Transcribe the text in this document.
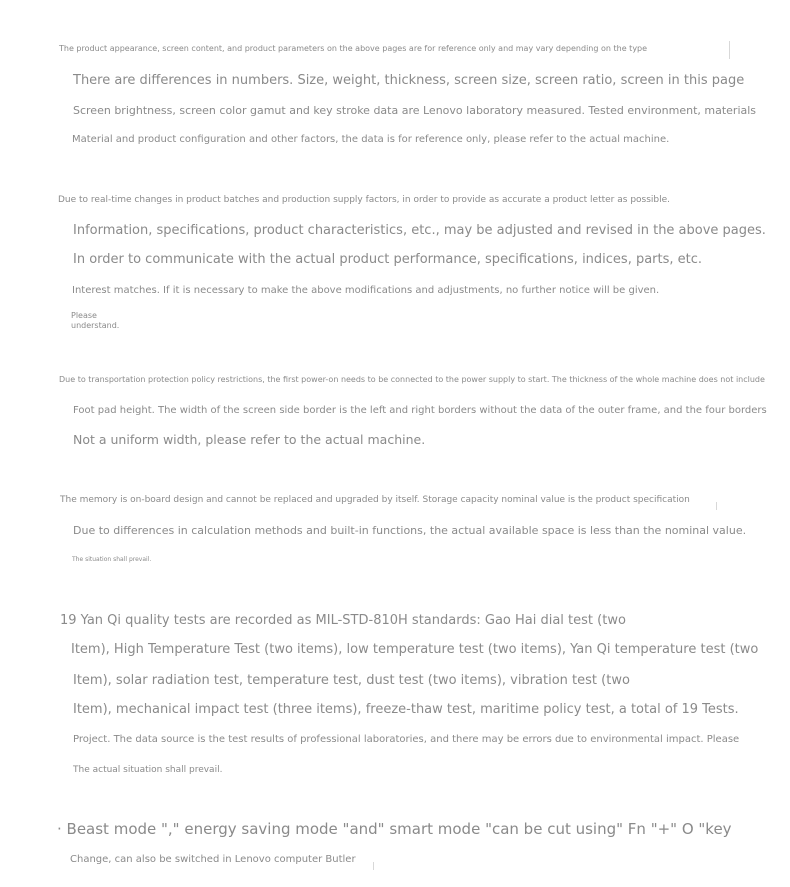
The product appearance, screen content, and product parameters on the above pages are for reference only and may vary depending on the type
There are differences in numbers. Size, weight, thickness, screen size, screen ratio, screen in this page
Screen brightness, screen color gamut and key stroke data are Lenovo laboratory measured. Tested environment, materials
Material and product configuration and other factors, the data is for reference only, please refer to the actual machine.
Due to real-time changes in product batches and production supply factors, in order to provide as accurate a product letter as possible.
Information, specifications, product characteristics, etc., may be adjusted and revised in the above pages.
In order to communicate with the actual product performance, specifications, indices, parts, etc.
Interest matches. If it is necessary to make the above modifications and adjustments, no further notice will be given.
Please
understand.
Due to transportation protection policy restrictions, the first power-on needs to be connected to the power supply to start. The thickness of the whole machine does not include
Foot pad height. The width of the screen side border is the left and right borders without the data of the outer frame, and the four borders
Not a uniform width, please refer to the actual machine.
The memory is on-board design and cannot be replaced and upgraded by itself. Storage capacity nominal value is the product specification
Due to differences in calculation methods and built-in functions, the actual available space is less than the nominal value.
The situation shall prevail.
19 Yan Qi quality tests are recorded as MIL-STD-810H standards: Gao Hai dial test (two
Item), High Temperature Test (two items), low temperature test (two items), Yan Qi temperature test (two
Item), solar radiation test, temperature test, dust test (two items), vibration test (two
Item), mechanical impact test (three items), freeze-thaw test, maritime policy test, a total of 19 Tests.
Project. The data source is the test results of professional laboratories, and there may be errors due to environmental impact. Please
The actual situation shall prevail.
· Beast mode "," energy saving mode "and" smart mode "can be cut using" Fn "+" O "key
Change, can also be switched in Lenovo computer Butler
